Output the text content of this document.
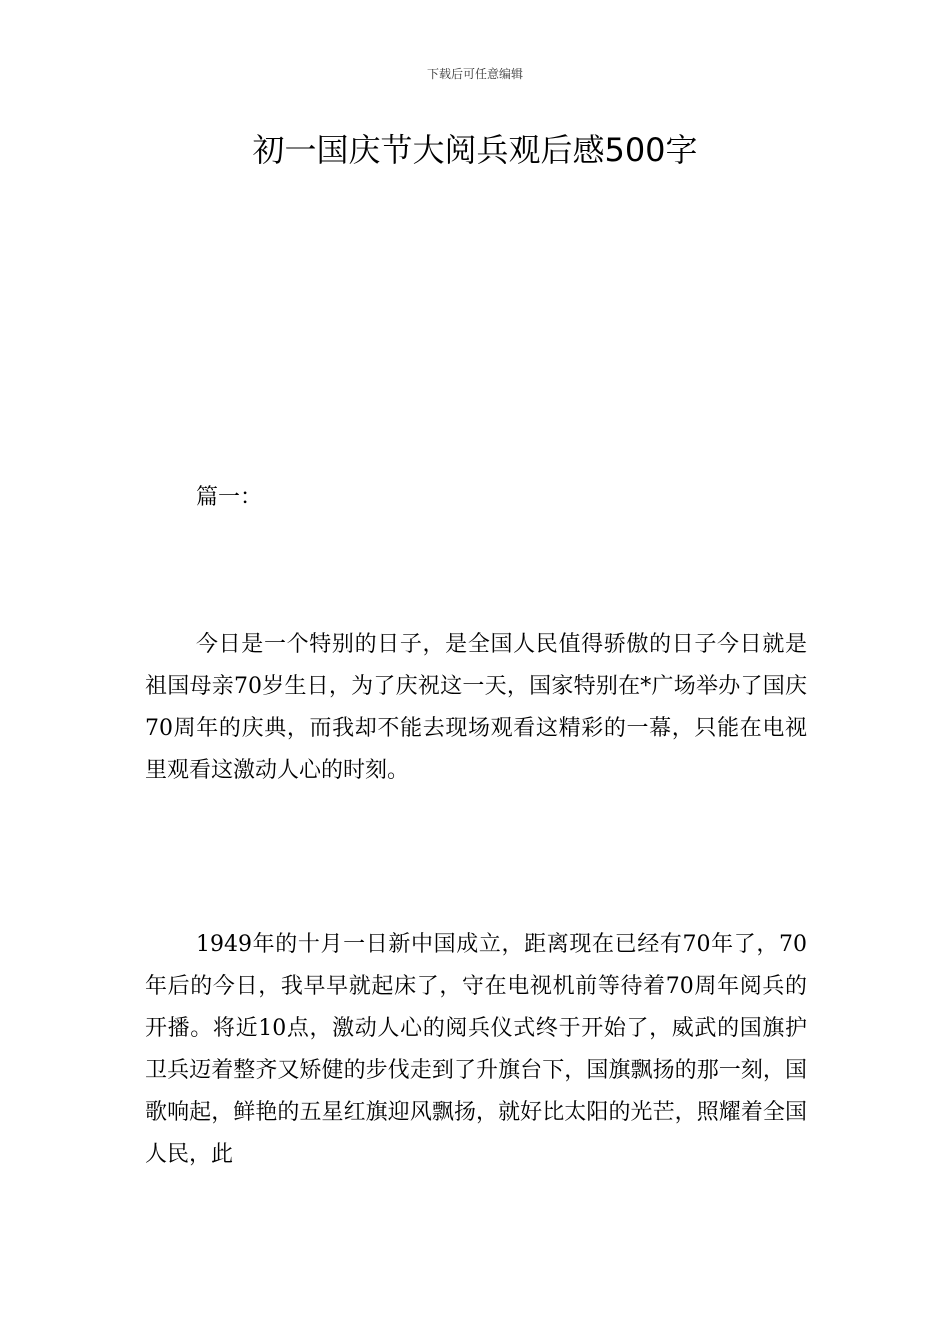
下载后可任意编辑
初一国庆节大阅兵观后感500字

篇一：

今日是一个特别的日子，是全国人民值得骄傲的日子今日就是祖国母亲70岁生日，为了庆祝这一天，国家特别在*广场举办了国庆70周年的庆典，而我却不能去现场观看这精彩的一幕，只能在电视里观看这激动人心的时刻。

1949年的十月一日新中国成立，距离现在已经有70年了，70年后的今日，我早早就起床了，守在电视机前等待着70周年阅兵的开播。将近10点，激动人心的阅兵仪式终于开始了，威武的国旗护卫兵迈着整齐又矫健的步伐走到了升旗台下，国旗飘扬的那一刻，国歌响起，鲜艳的五星红旗迎风飘扬，就好比太阳的光芒，照耀着全国人民，此
